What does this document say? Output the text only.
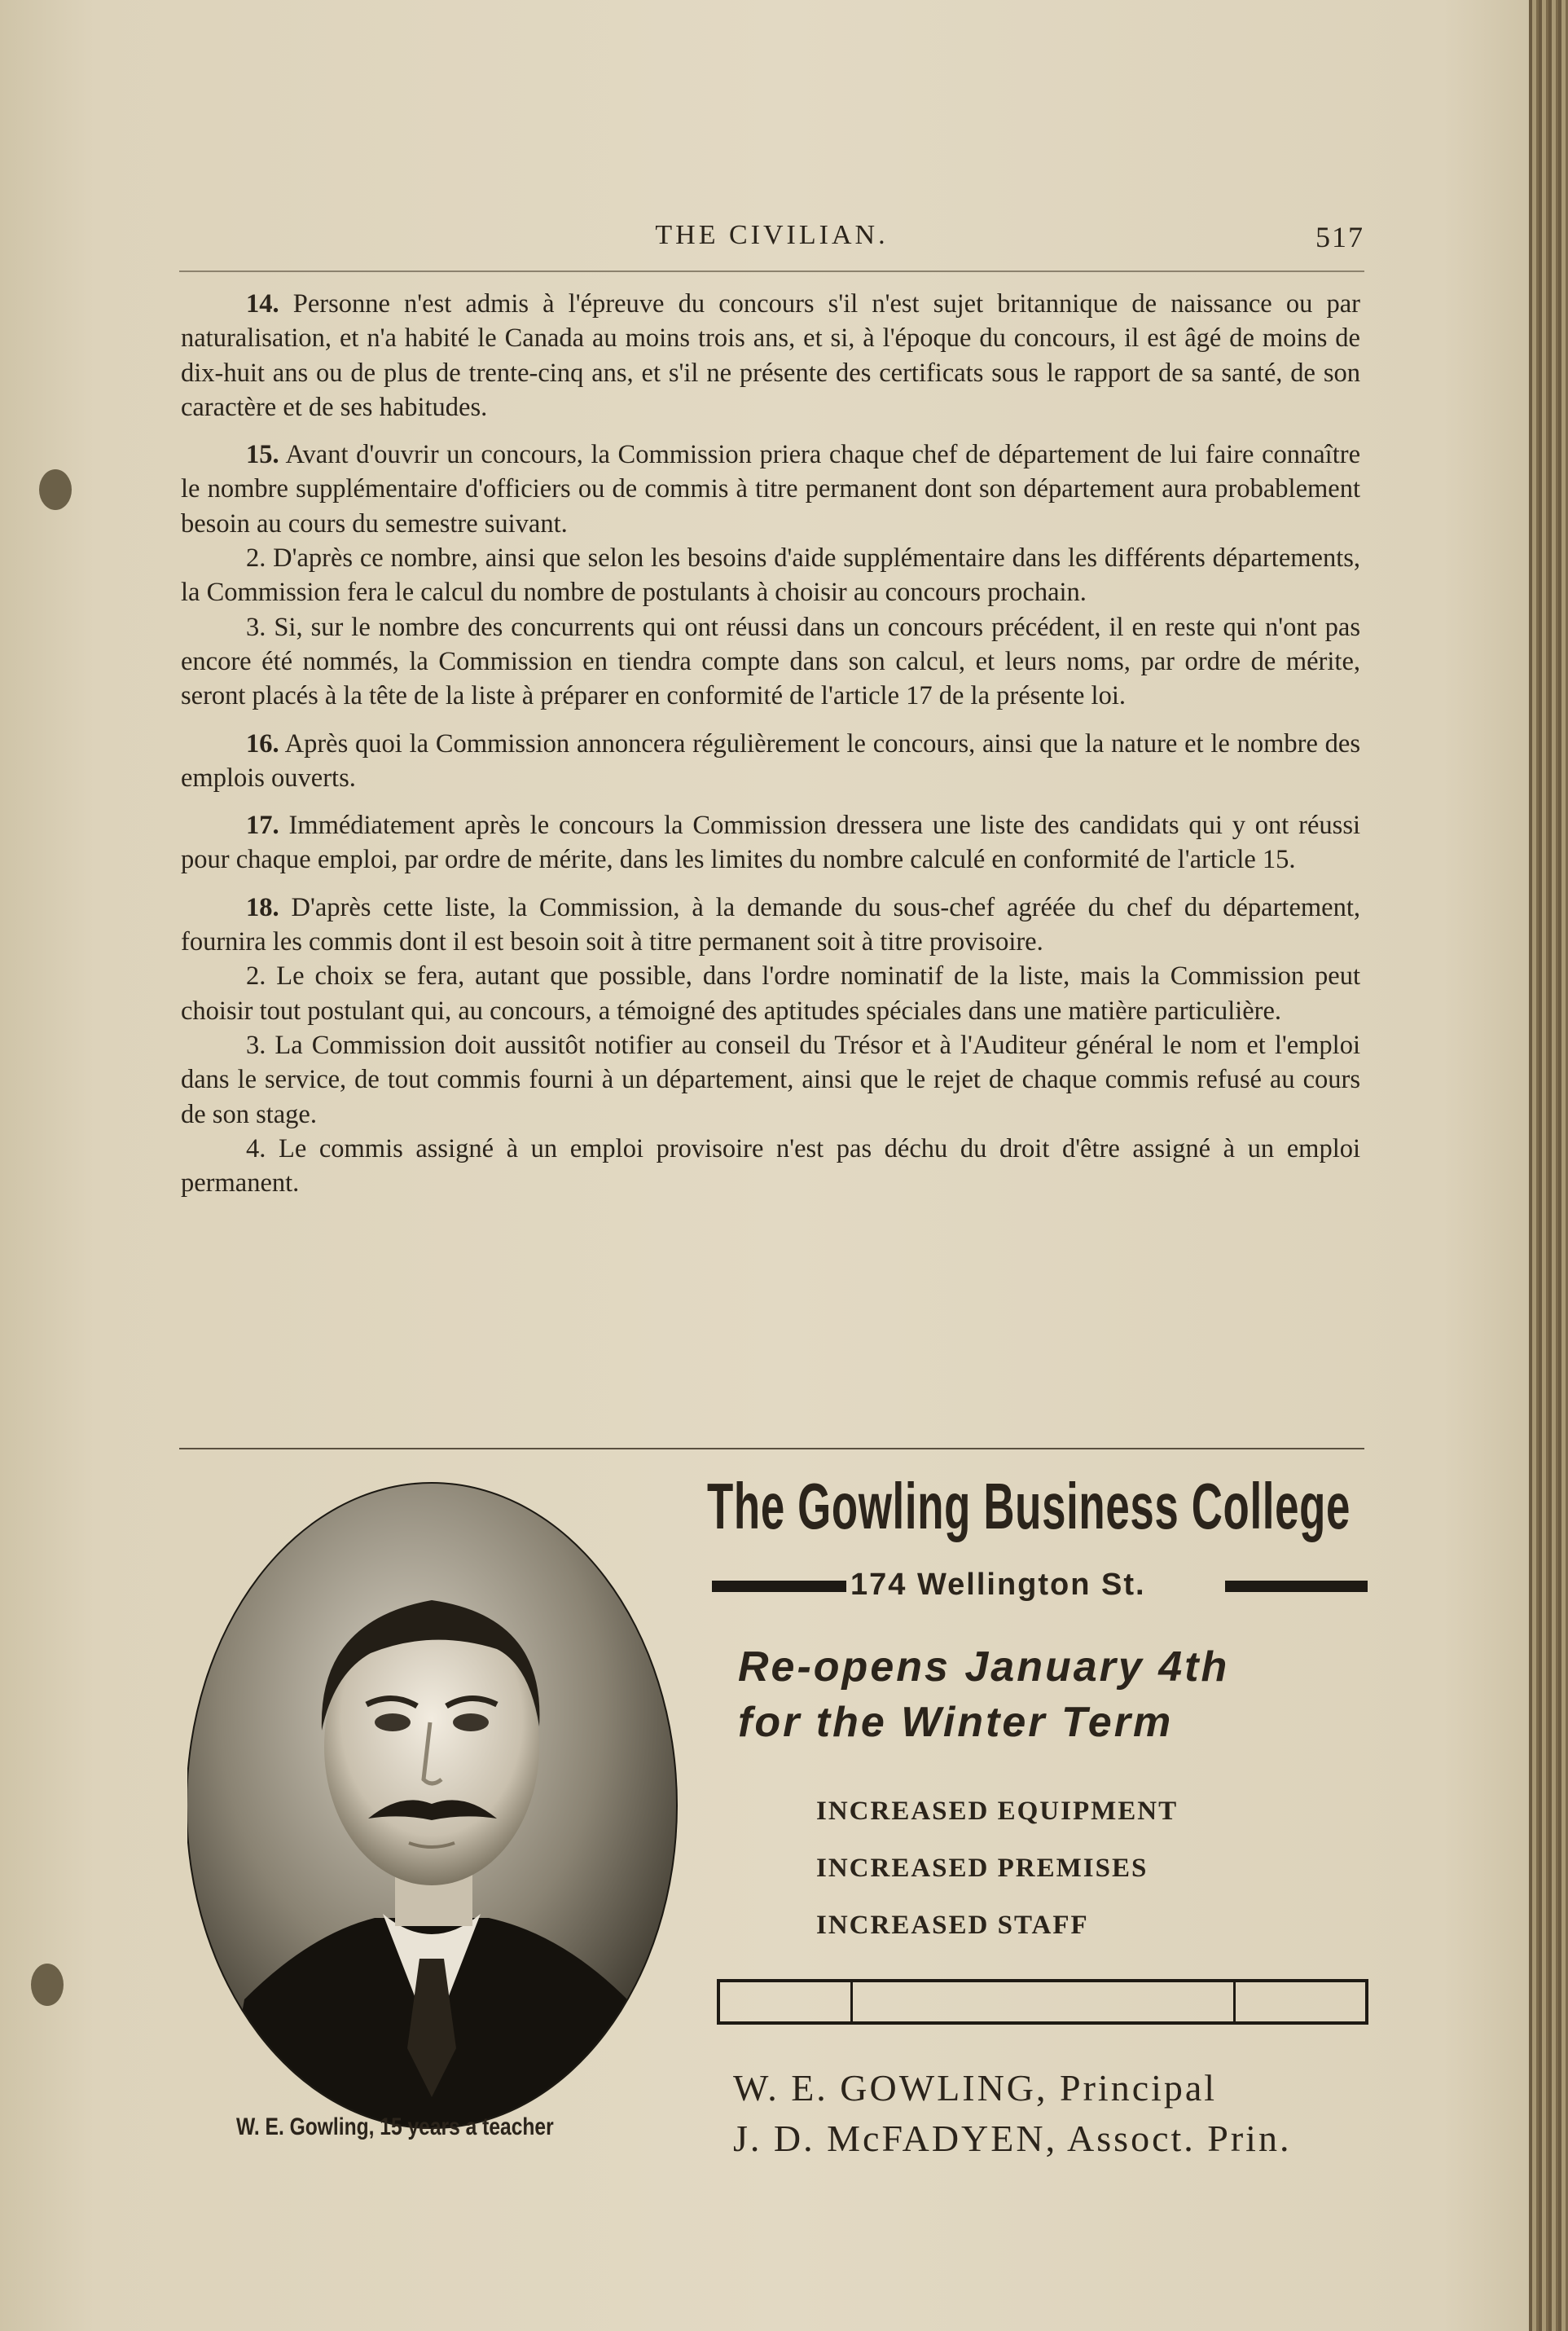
THE CIVILIAN.	517

14. Personne n'est admis à l'épreuve du concours s'il n'est sujet britannique de naissance ou par naturalisation, et n'a habité le Canada au moins trois ans, et si, à l'époque du concours, il est âgé de moins de dix-huit ans ou de plus de trente-cinq ans, et s'il ne présente des certificats sous le rapport de sa santé, de son caractère et de ses habitudes.

15. Avant d'ouvrir un concours, la Commission priera chaque chef de département de lui faire connaître le nombre supplémentaire d'officiers ou de commis à titre permanent dont son département aura probablement besoin au cours du semestre suivant.

2. D'après ce nombre, ainsi que selon les besoins d'aide supplémentaire dans les différents départements, la Commission fera le calcul du nombre de postulants à choisir au concours prochain.

3. Si, sur le nombre des concurrents qui ont réussi dans un concours précédent, il en reste qui n'ont pas encore été nommés, la Commission en tiendra compte dans son calcul, et leurs noms, par ordre de mérite, seront placés à la tête de la liste à préparer en conformité de l'article 17 de la présente loi.

16. Après quoi la Commission annoncera régulièrement le concours, ainsi que la nature et le nombre des emplois ouverts.

17. Immédiatement après le concours la Commission dressera une liste des candidats qui y ont réussi pour chaque emploi, par ordre de mérite, dans les limites du nombre calculé en conformité de l'article 15.

18. D'après cette liste, la Commission, à la demande du sous-chef agréée du chef du département, fournira les commis dont il est besoin soit à titre permanent soit à titre provisoire.

2. Le choix se fera, autant que possible, dans l'ordre nominatif de la liste, mais la Commission peut choisir tout postulant qui, au concours, a témoigné des aptitudes spéciales dans une matière particulière.

3. La Commission doit aussitôt notifier au conseil du Trésor et à l'Auditeur général le nom et l'emploi dans le service, de tout commis fourni à un département, ainsi que le rejet de chaque commis refusé au cours de son stage.

4. Le commis assigné à un emploi provisoire n'est pas déchu du droit d'être assigné à un emploi permanent.

W. E. Gowling, 15 years a teacher
The Gowling Business College
174 Wellington St.
Re-opens January 4th
for the Winter Term
INCREASED EQUIPMENT
INCREASED PREMISES
INCREASED STAFF
W. E. GOWLING, Principal
J. D. McFADYEN, Assoct. Prin.
